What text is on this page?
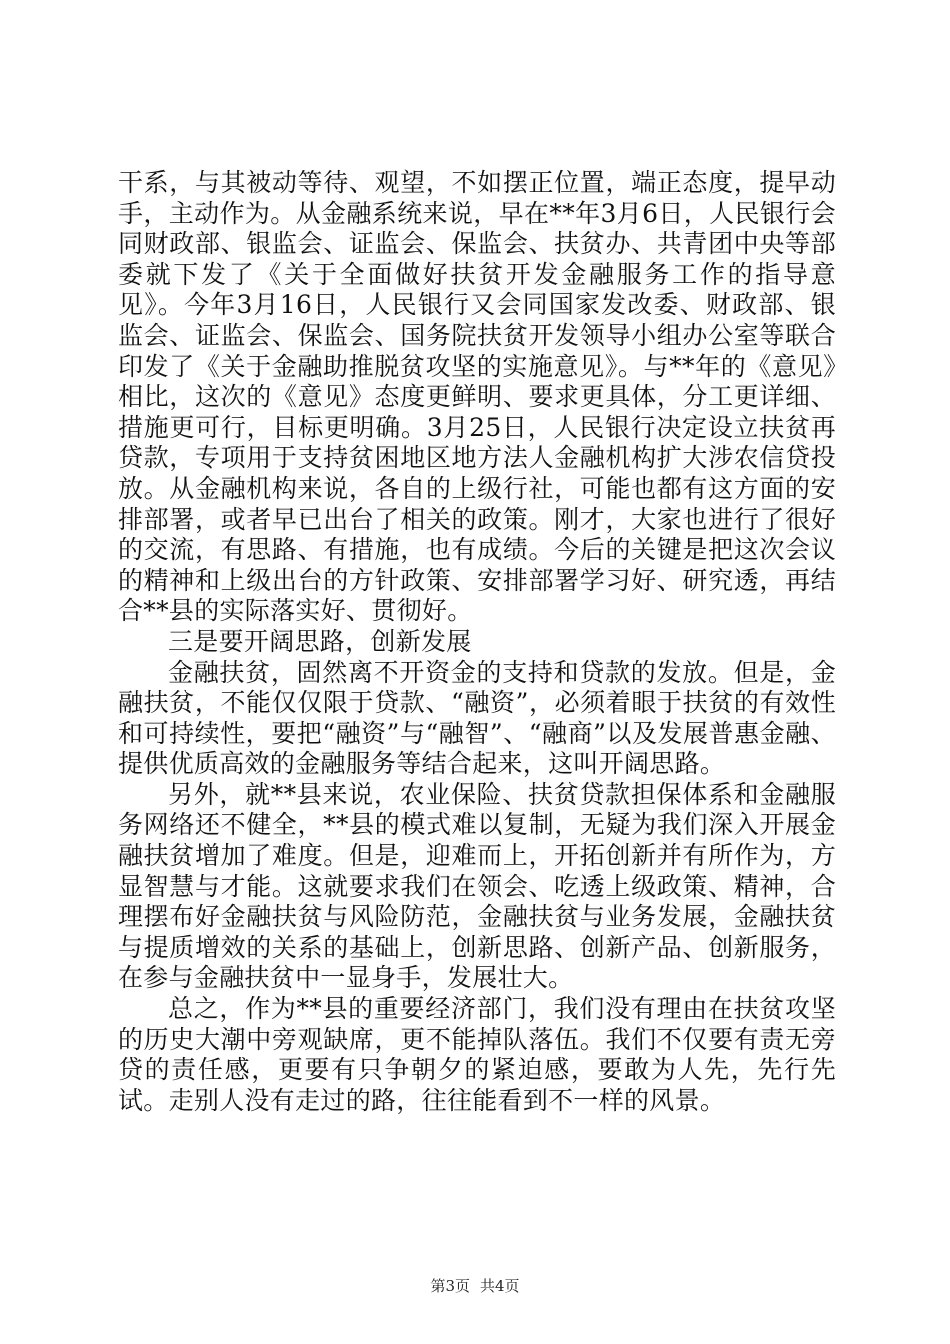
干系，与其被动等待、观望，不如摆正位置，端正态度，提早动手，主动作为。从金融系统来说，早在**年3月6日，人民银行会同财政部、银监会、证监会、保监会、扶贫办、共青团中央等部委就下发了《关于全面做好扶贫开发金融服务工作的指导意见》。今年3月16日，人民银行又会同国家发改委、财政部、银监会、证监会、保监会、国务院扶贫开发领导小组办公室等联合印发了《关于金融助推脱贫攻坚的实施意见》。与**年的《意见》相比，这次的《意见》态度更鲜明、要求更具体，分工更详细、措施更可行，目标更明确。3月25日，人民银行决定设立扶贫再贷款，专项用于支持贫困地区地方法人金融机构扩大涉农信贷投放。从金融机构来说，各自的上级行社，可能也都有这方面的安排部署，或者早已出台了相关的政策。刚才，大家也进行了很好的交流，有思路、有措施，也有成绩。今后的关键是把这次会议的精神和上级出台的方针政策、安排部署学习好、研究透，再结合**县的实际落实好、贯彻好。

三是要开阔思路，创新发展

金融扶贫，固然离不开资金的支持和贷款的发放。但是，金融扶贫，不能仅仅限于贷款、“融资”，必须着眼于扶贫的有效性和可持续性，要把“融资”与“融智”、“融商”以及发展普惠金融、提供优质高效的金融服务等结合起来，这叫开阔思路。

另外，就**县来说，农业保险、扶贫贷款担保体系和金融服务网络还不健全，**县的模式难以复制，无疑为我们深入开展金融扶贫增加了难度。但是，迎难而上，开拓创新并有所作为，方显智慧与才能。这就要求我们在领会、吃透上级政策、精神，合理摆布好金融扶贫与风险防范，金融扶贫与业务发展，金融扶贫与提质增效的关系的基础上，创新思路、创新产品、创新服务，在参与金融扶贫中一显身手，发展壮大。

总之，作为**县的重要经济部门，我们没有理由在扶贫攻坚的历史大潮中旁观缺席，更不能掉队落伍。我们不仅要有责无旁贷的责任感，更要有只争朝夕的紧迫感，要敢为人先，先行先试。走别人没有走过的路，往往能看到不一样的风景。

第3页 共4页
